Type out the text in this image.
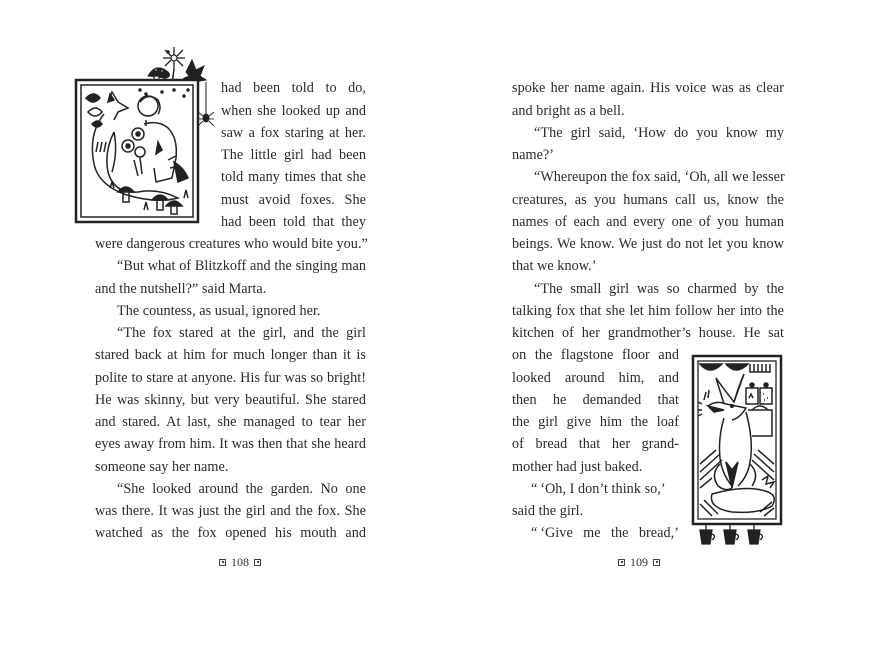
had been told to do,
when she looked up and
saw a fox staring at her.
The little girl had been
told many times that she
must avoid foxes. She
had been told that they
were dangerous creatures who would bite you.”
“But what of Blitzkoff and the singing man
and the nutshell?” said Marta.
The countess, as usual, ignored her.
“The fox stared at the girl, and the girl
stared back at him for much longer than it is
polite to stare at anyone. His fur was so bright!
He was skinny, but very beautiful. She stared
and stared. At last, she managed to tear her
eyes away from him. It was then that she heard
someone say her name.
“She looked around the garden. No one
was there. It was just the girl and the fox. She
watched as the fox opened his mouth and
108
spoke her name again. His voice was as clear
and bright as a bell.
“The girl said, ‘How do you know my
name?’
“Whereupon the fox said, ‘Oh, all we lesser
creatures, as you humans call us, know the
names of each and every one of you human
beings. We know. We just do not let you know
that we know.’
“The small girl was so charmed by the
talking fox that she let him follow her into the
kitchen of her grandmother’s house. He sat
on the flagstone floor and
looked around him, and
then he demanded that
the girl give him the loaf
of bread that her grand-
mother had just baked.
“ ‘Oh, I don’t think so,’
said the girl.
“ ‘Give me the bread,’
109
